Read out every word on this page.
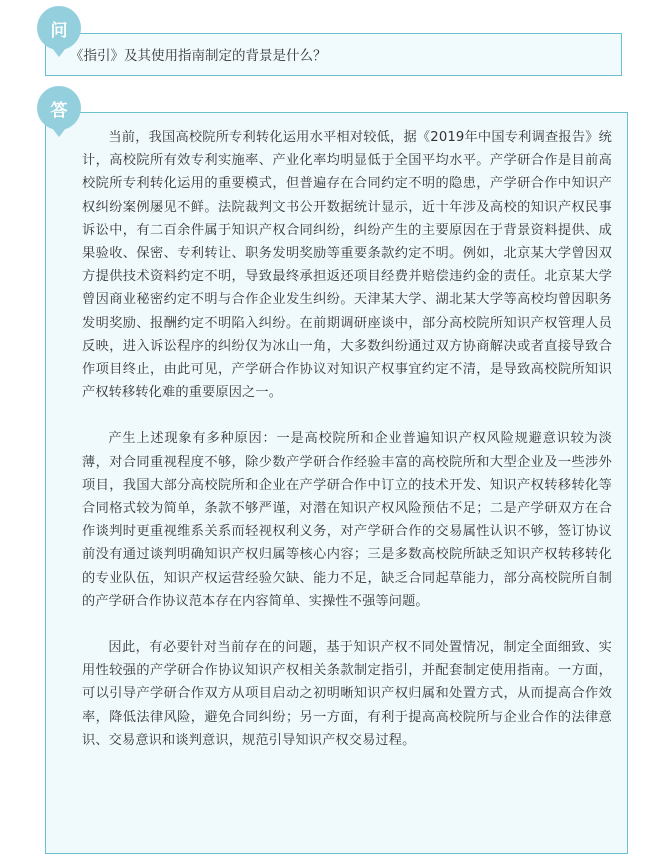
问
《指引》及其使用指南制定的背景是什么？
答

当前，我国高校院所专利转化运用水平相对较低，据《2019年中国专利调查报告》统计，高校院所有效专利实施率、产业化率均明显低于全国平均水平。产学研合作是目前高校院所专利转化运用的重要模式，但普遍存在合同约定不明的隐患，产学研合作中知识产权纠纷案例屡见不鲜。法院裁判文书公开数据统计显示，近十年涉及高校的知识产权民事诉讼中，有二百余件属于知识产权合同纠纷，纠纷产生的主要原因在于背景资料提供、成果验收、保密、专利转让、职务发明奖励等重要条款约定不明。例如，北京某大学曾因双方提供技术资料约定不明，导致最终承担返还项目经费并赔偿违约金的责任。北京某大学曾因商业秘密约定不明与合作企业发生纠纷。天津某大学、湖北某大学等高校均曾因职务发明奖励、报酬约定不明陷入纠纷。在前期调研座谈中，部分高校院所知识产权管理人员反映，进入诉讼程序的纠纷仅为冰山一角，大多数纠纷通过双方协商解决或者直接导致合作项目终止，由此可见，产学研合作协议对知识产权事宜约定不清，是导致高校院所知识产权转移转化难的重要原因之一。

产生上述现象有多种原因：一是高校院所和企业普遍知识产权风险规避意识较为淡薄，对合同重视程度不够，除少数产学研合作经验丰富的高校院所和大型企业及一些涉外项目，我国大部分高校院所和企业在产学研合作中订立的技术开发、知识产权转移转化等合同格式较为简单，条款不够严谨，对潜在知识产权风险预估不足；二是产学研双方在合作谈判时更重视维系关系而轻视权利义务，对产学研合作的交易属性认识不够，签订协议前没有通过谈判明确知识产权归属等核心内容；三是多数高校院所缺乏知识产权转移转化的专业队伍，知识产权运营经验欠缺、能力不足，缺乏合同起草能力，部分高校院所自制的产学研合作协议范本存在内容简单、实操性不强等问题。

因此，有必要针对当前存在的问题，基于知识产权不同处置情况，制定全面细致、实用性较强的产学研合作协议知识产权相关条款制定指引，并配套制定使用指南。一方面，可以引导产学研合作双方从项目启动之初明晰知识产权归属和处置方式，从而提高合作效率，降低法律风险，避免合同纠纷；另一方面，有利于提高高校院所与企业合作的法律意识、交易意识和谈判意识，规范引导知识产权交易过程。
